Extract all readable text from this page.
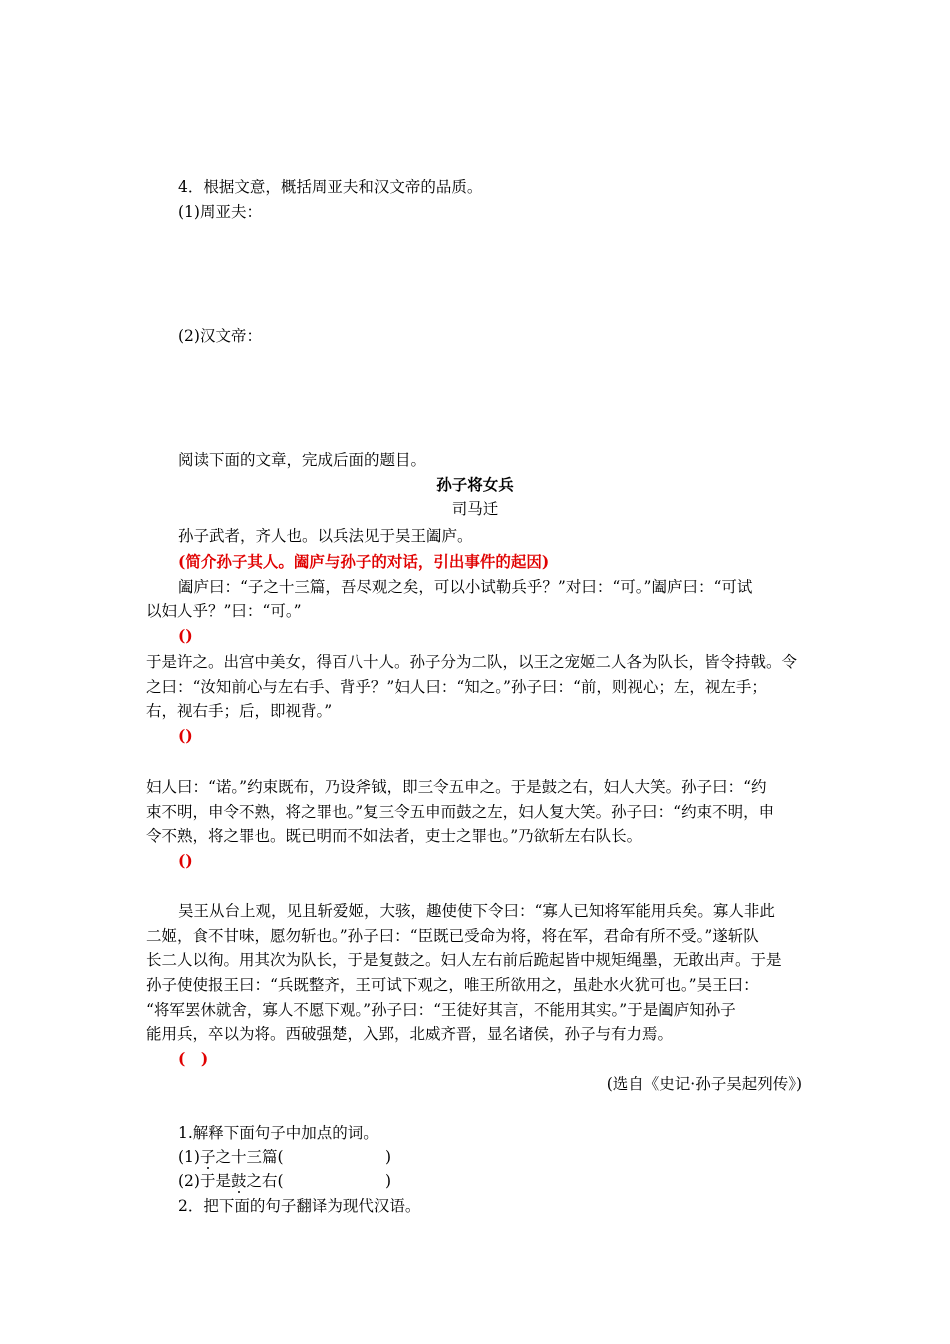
4．根据文意，概括周亚夫和汉文帝的品质。
(1)周亚夫：
(2)汉文帝：
阅读下面的文章，完成后面的题目。
孙子将女兵
司马迁
孙子武者，齐人也。以兵法见于吴王阖庐。
(简介孙子其人。阖庐与孙子的对话，引出事件的起因)
阖庐曰：“子之十三篇，吾尽观之矣，可以小试勒兵乎？”对曰：“可。”阖庐曰：“可试
以妇人乎？”曰：“可。”
()
于是许之。出宫中美女，得百八十人。孙子分为二队，以王之宠姬二人各为队长，皆令持戟。令
之曰：“汝知前心与左右手、背乎？”妇人曰：“知之。”孙子曰：“前，则视心；左，视左手；
右，视右手；后，即视背。”
()
妇人曰：“诺。”约束既布，乃设斧钺，即三令五申之。于是鼓之右，妇人大笑。孙子曰：“约
束不明，申令不熟，将之罪也。”复三令五申而鼓之左，妇人复大笑。孙子曰：“约束不明，申
令不熟，将之罪也。既已明而不如法者，吏士之罪也。”乃欲斩左右队长。
()
吴王从台上观，见且斩爱姬，大骇，趣使使下令曰：“寡人已知将军能用兵矣。寡人非此
二姬，食不甘味，愿勿斩也。”孙子曰：“臣既已受命为将，将在军，君命有所不受。”遂斩队
长二人以徇。用其次为队长，于是复鼓之。妇人左右前后跪起皆中规矩绳墨，无敢出声。于是
孙子使使报王曰：“兵既整齐，王可试下观之，唯王所欲用之，虽赴水火犹可也。”吴王曰：
“将军罢休就舍，寡人不愿下观。”孙子曰：“王徒好其言，不能用其实。”于是阖庐知孙子
能用兵，卒以为将。西破强楚，入郢，北威齐晋，显名诸侯，孙子与有力焉。
(　)
(选自《史记·孙子吴起列传》)
1.解释下面句子中加点的词。
(1)子之十三篇(	)
(2)于是鼓之右(	)
2．把下面的句子翻译为现代汉语。
